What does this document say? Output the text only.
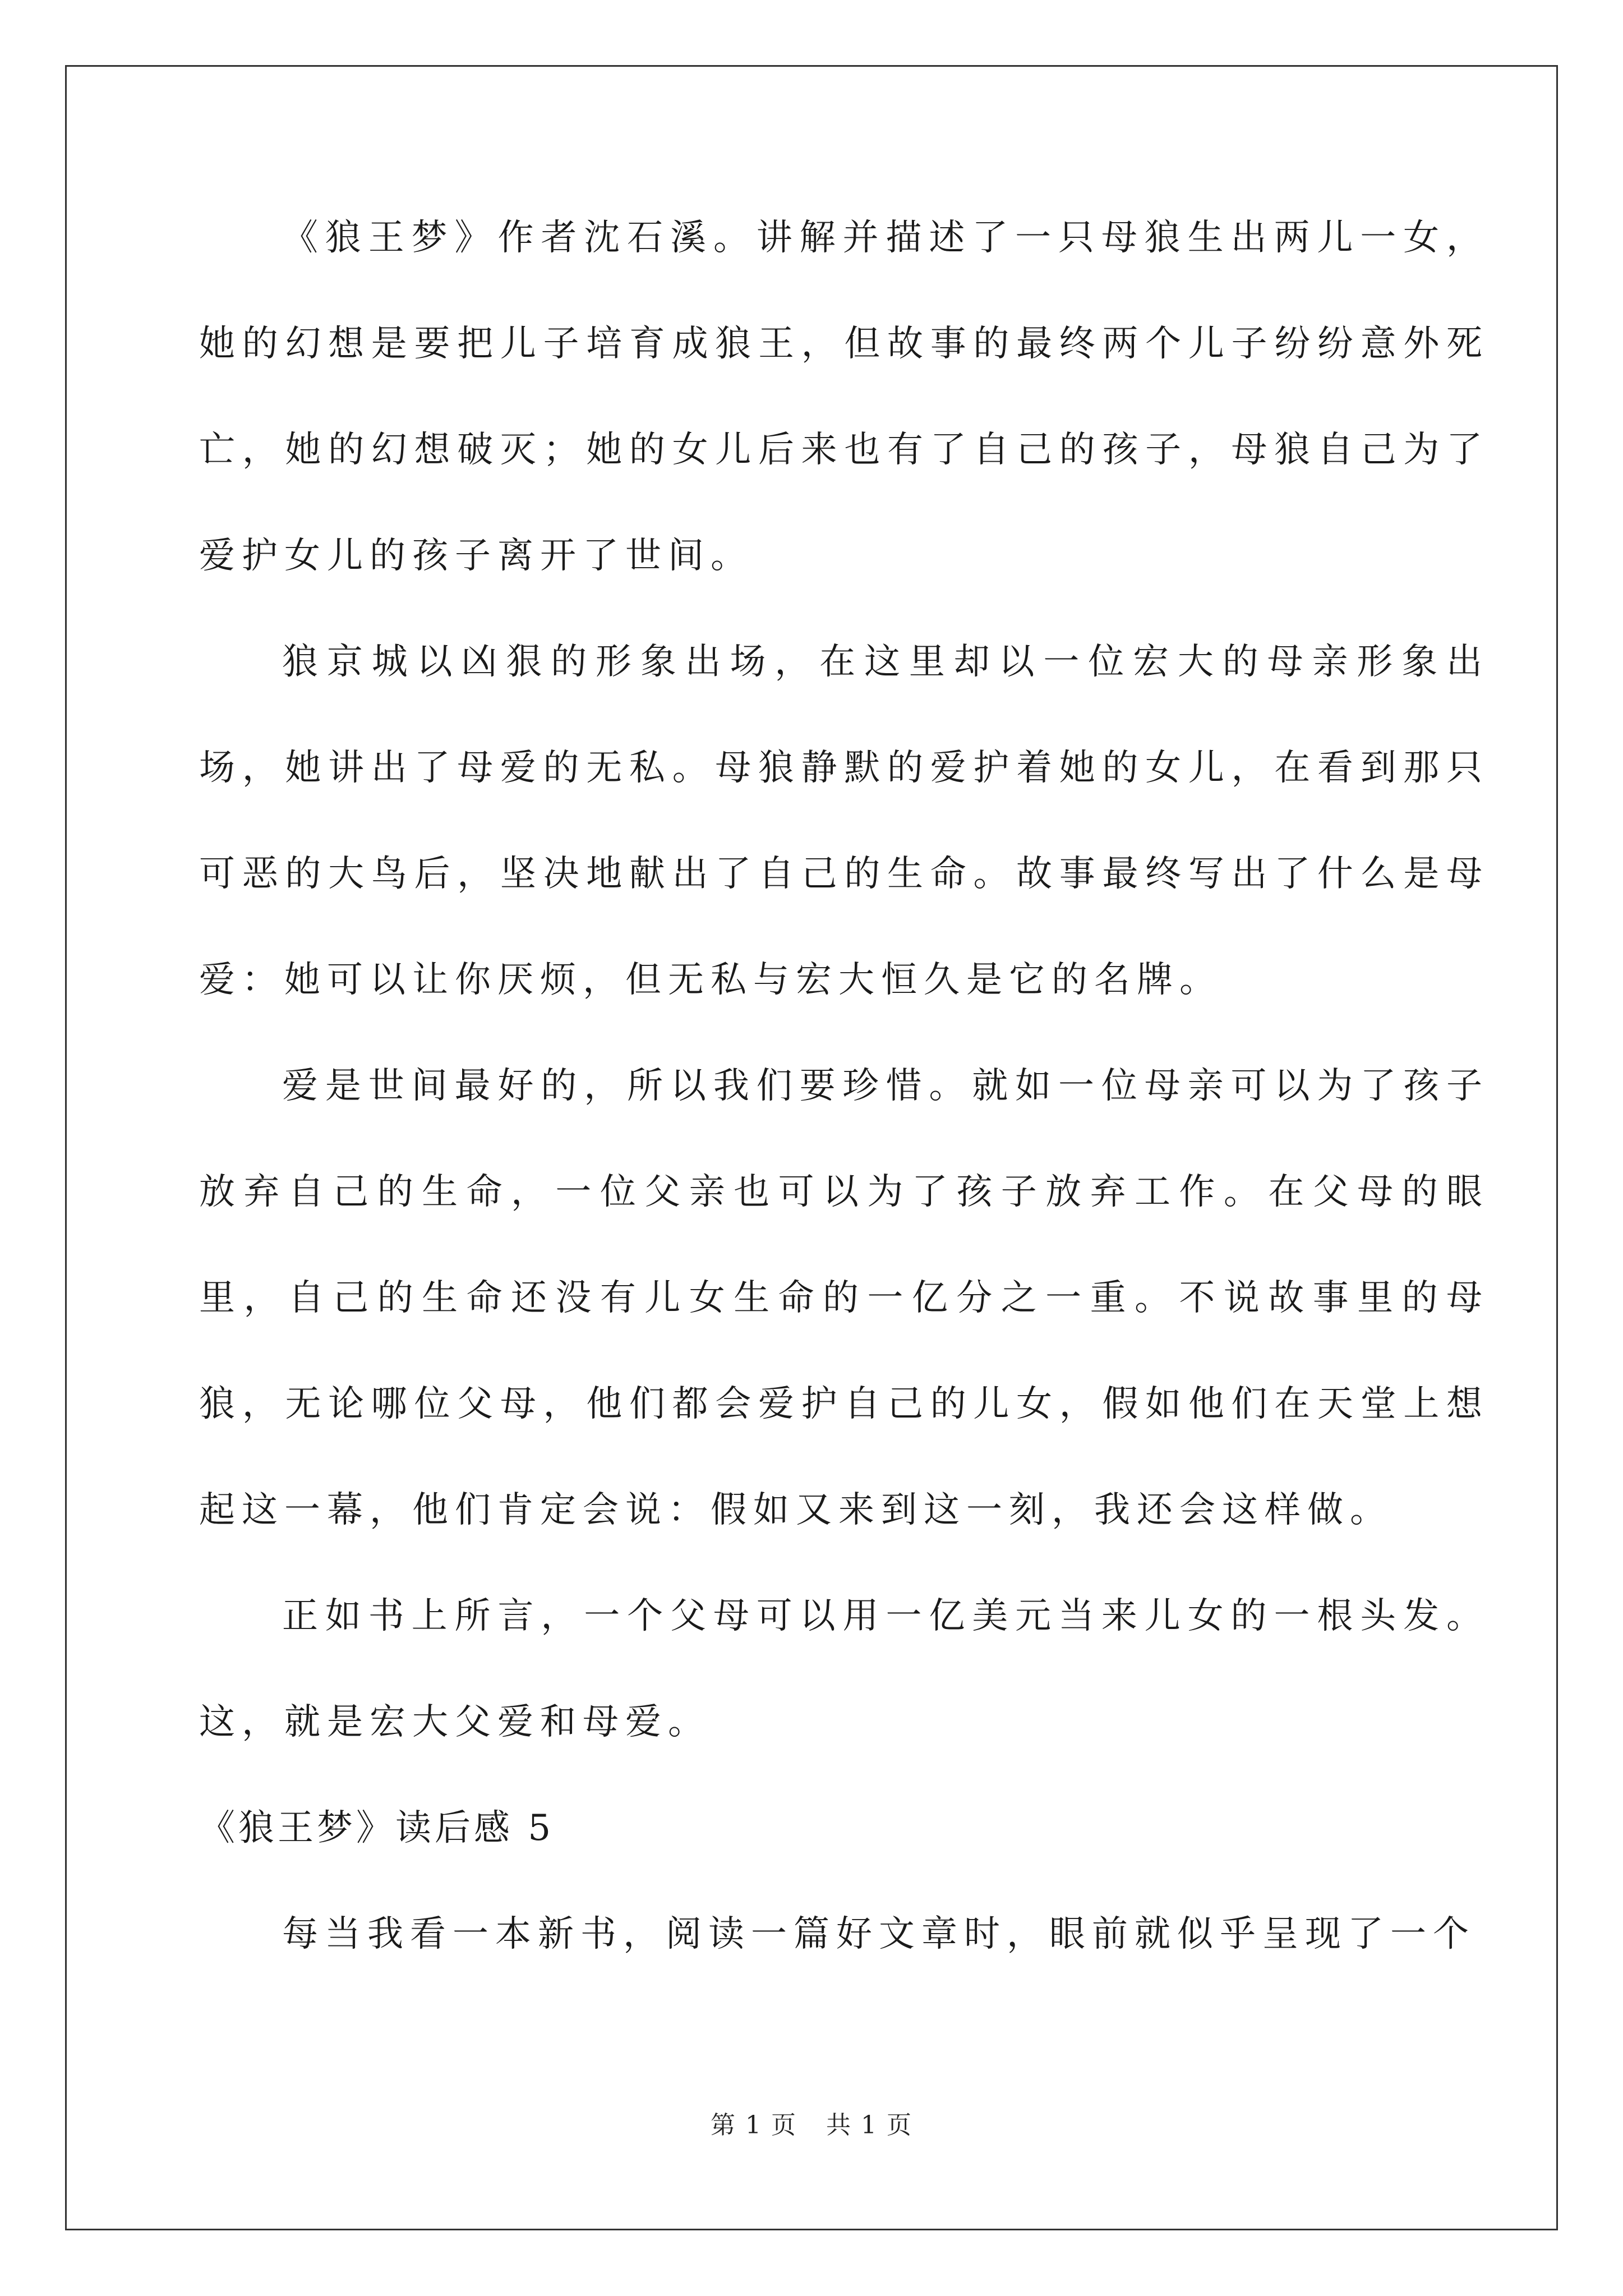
《狼王梦》作者沈石溪。讲解并描述了一只母狼生出两儿一女，她的幻想是要把儿子培育成狼王，但故事的最终两个儿子纷纷意外死亡，她的幻想破灭；她的女儿后来也有了自己的孩子，母狼自己为了爱护女儿的孩子离开了世间。

狼京城以凶狠的形象出场，在这里却以一位宏大的母亲形象出场，她讲出了母爱的无私。母狼静默的爱护着她的女儿，在看到那只可恶的大鸟后，坚决地献出了自己的生命。故事最终写出了什么是母爱：她可以让你厌烦，但无私与宏大恒久是它的名牌。

爱是世间最好的，所以我们要珍惜。就如一位母亲可以为了孩子放弃自己的生命，一位父亲也可以为了孩子放弃工作。在父母的眼里，自己的生命还没有儿女生命的一亿分之一重。不说故事里的母狼，无论哪位父母，他们都会爱护自己的儿女，假如他们在天堂上想起这一幕，他们肯定会说：假如又来到这一刻，我还会这样做。

正如书上所言，一个父母可以用一亿美元当来儿女的一根头发。这，就是宏大父爱和母爱。

《狼王梦》读后感 5

每当我看一本新书，阅读一篇好文章时，眼前就似乎呈现了一个

第 1 页 共 1 页
